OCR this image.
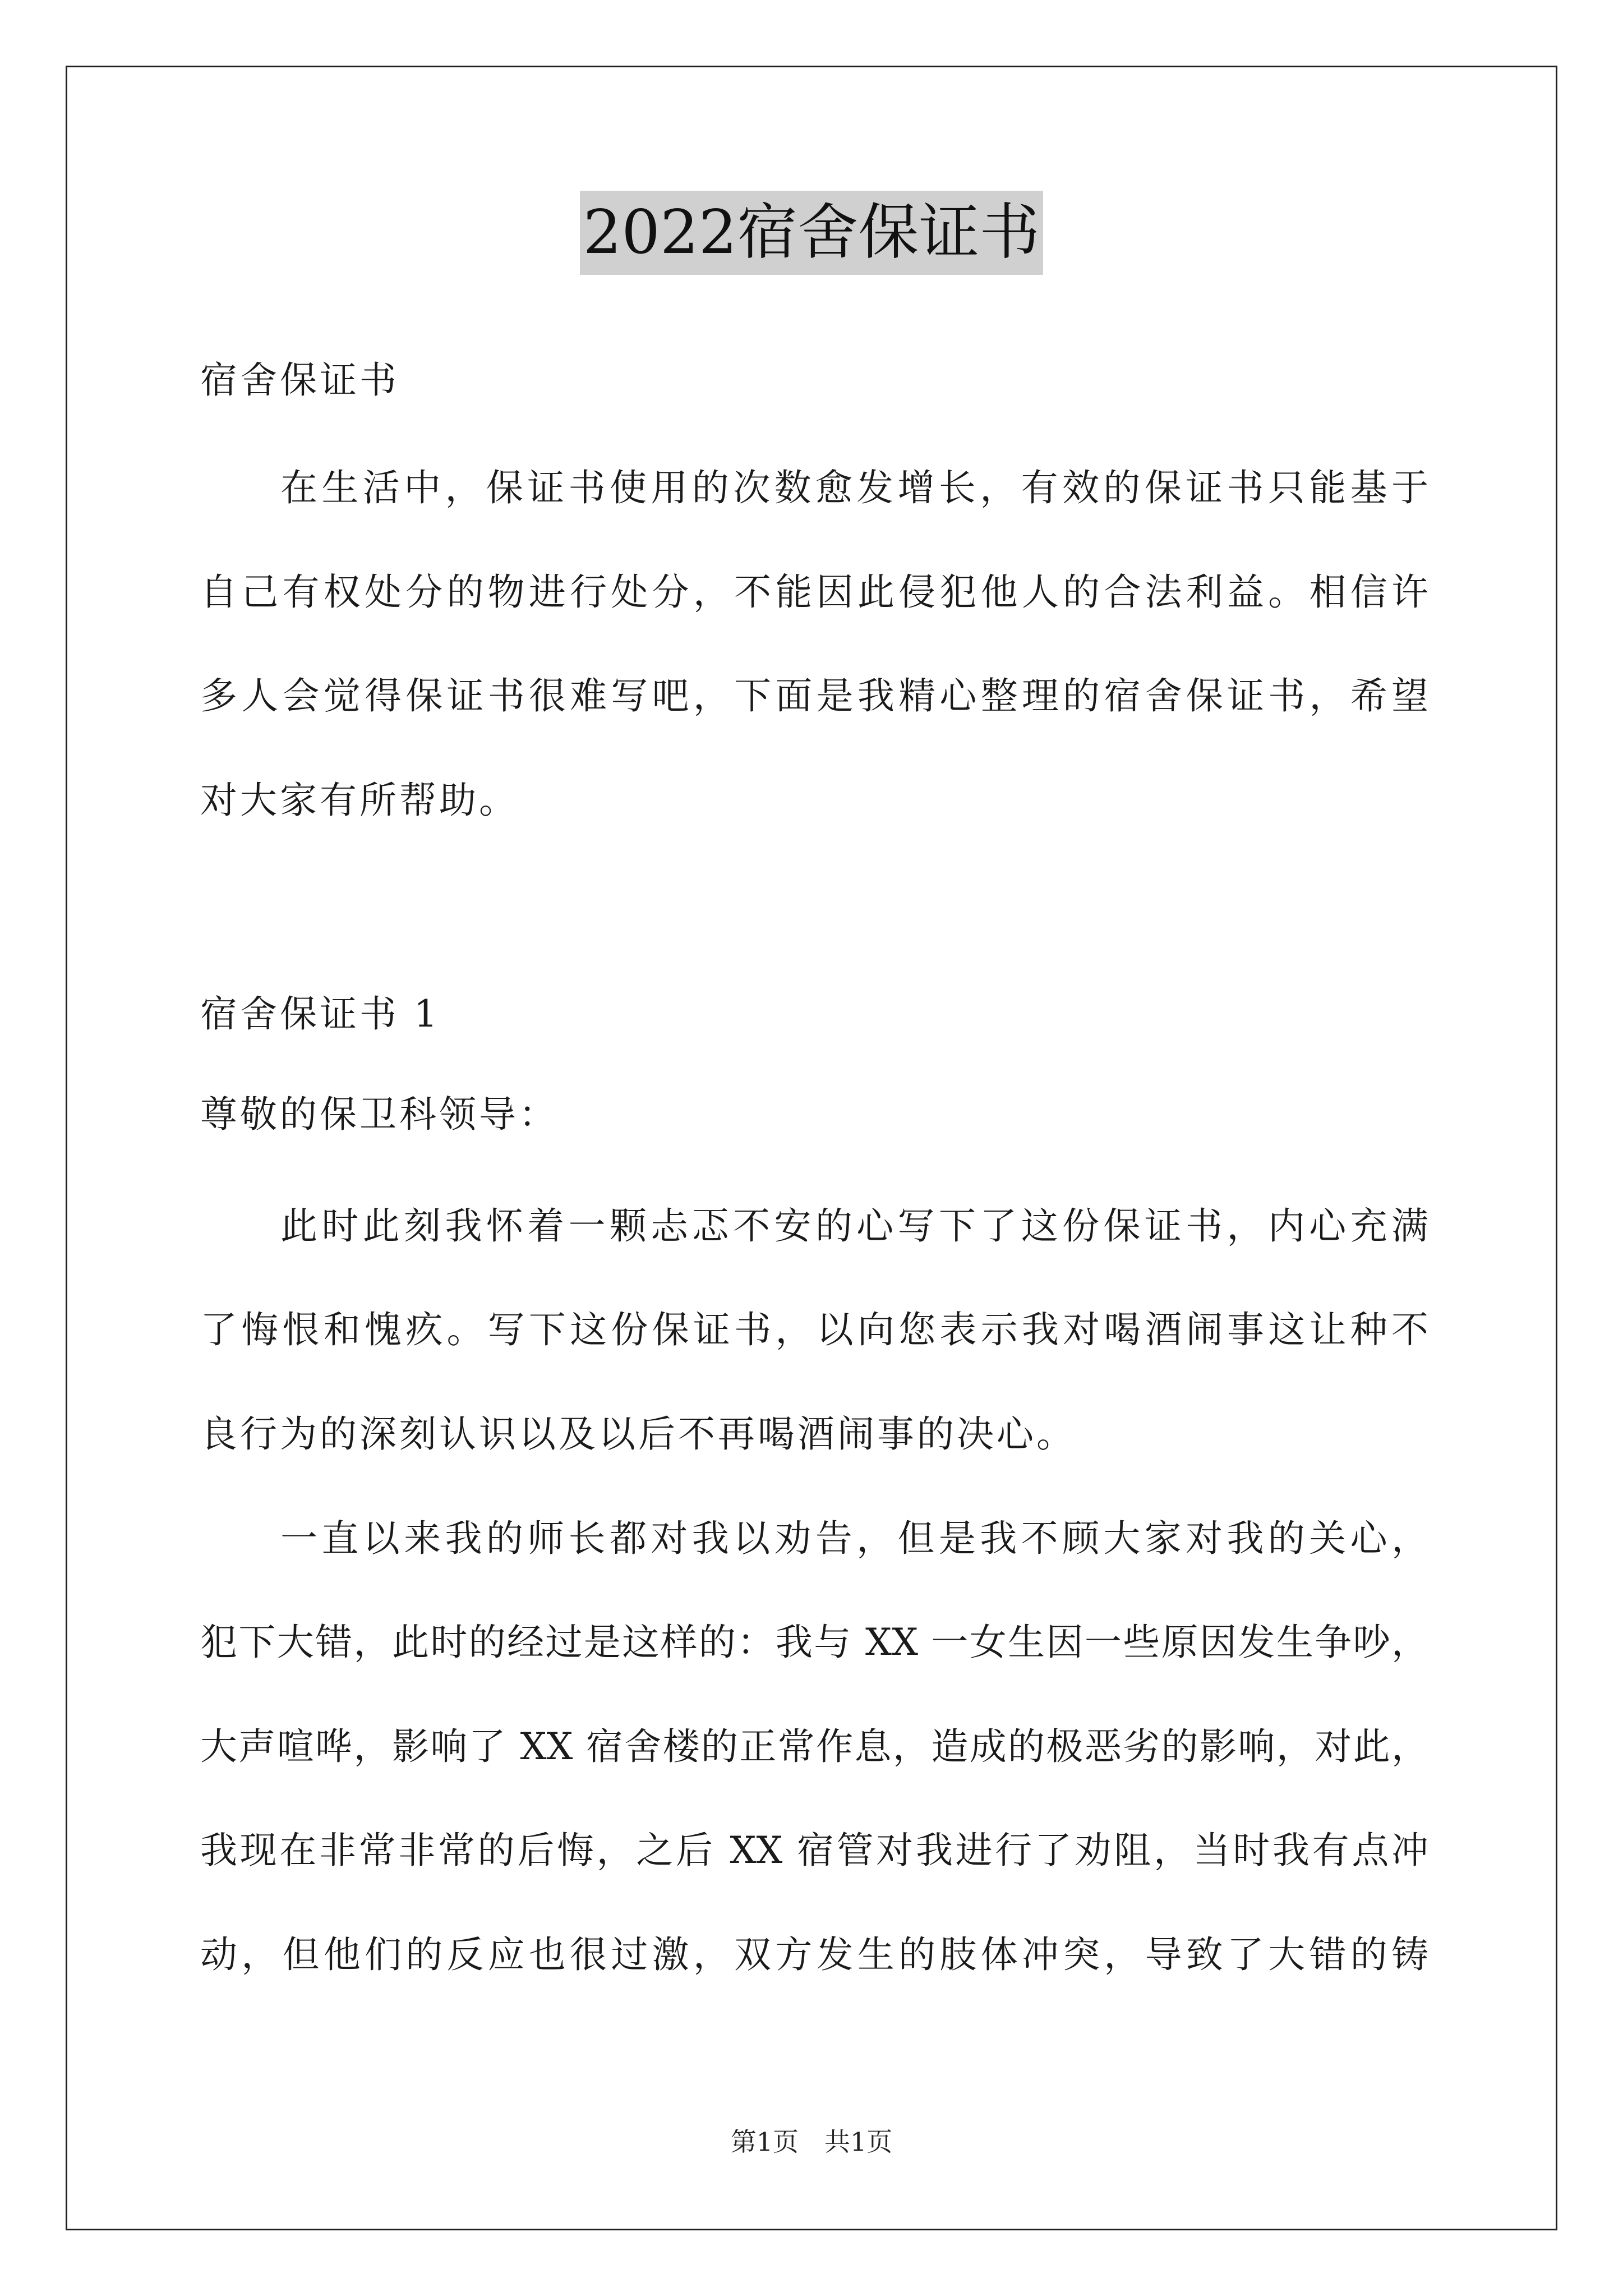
2022宿舍保证书
宿舍保证书
在生活中，保证书使用的次数愈发增长，有效的保证书只能基于
自己有权处分的物进行处分，不能因此侵犯他人的合法利益。相信许
多人会觉得保证书很难写吧，下面是我精心整理的宿舍保证书，希望
对大家有所帮助。
宿舍保证书 1
尊敬的保卫科领导：
此时此刻我怀着一颗忐忑不安的心写下了这份保证书，内心充满
了悔恨和愧疚。写下这份保证书，以向您表示我对喝酒闹事这让种不
良行为的深刻认识以及以后不再喝酒闹事的决心。
一直以来我的师长都对我以劝告，但是我不顾大家对我的关心，
犯下大错，此时的经过是这样的：我与 XX 一女生因一些原因发生争吵，
大声喧哗，影响了 XX 宿舍楼的正常作息，造成的极恶劣的影响，对此，
我现在非常非常的后悔，之后 XX 宿管对我进行了劝阻，当时我有点冲
动，但他们的反应也很过激，双方发生的肢体冲突，导致了大错的铸
第1页　共1页
